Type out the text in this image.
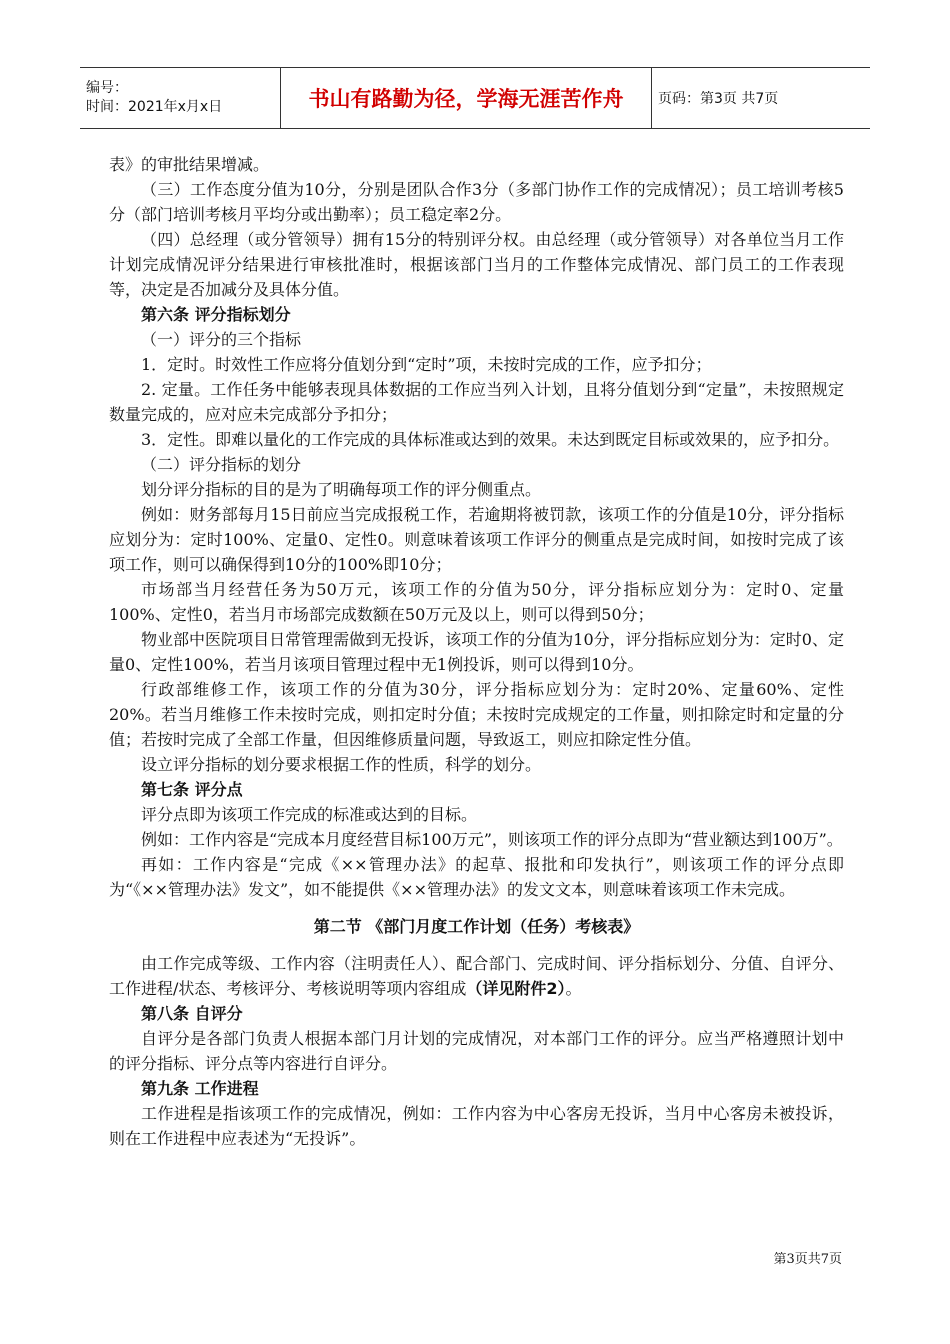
编号：
时间：2021年x月x日	书山有路勤为径，学海无涯苦作舟	页码：第3页 共7页

表》的审批结果增减。

（三）工作态度分值为10分，分别是团队合作3分（多部门协作工作的完成情况）；员工培训考核5分（部门培训考核月平均分或出勤率）；员工稳定率2分。

（四）总经理（或分管领导）拥有15分的特别评分权。由总经理（或分管领导）对各单位当月工作计划完成情况评分结果进行审核批准时，根据该部门当月的工作整体完成情况、部门员工的工作表现等，决定是否加减分及具体分值。

第六条 评分指标划分

（一）评分的三个指标

1．定时。时效性工作应将分值划分到“定时”项，未按时完成的工作，应予扣分；

2. 定量。工作任务中能够表现具体数据的工作应当列入计划，且将分值划分到“定量”，未按照规定数量完成的，应对应未完成部分予扣分；

3．定性。即难以量化的工作完成的具体标准或达到的效果。未达到既定目标或效果的，应予扣分。

（二）评分指标的划分

划分评分指标的目的是为了明确每项工作的评分侧重点。

例如：财务部每月15日前应当完成报税工作，若逾期将被罚款，该项工作的分值是10分，评分指标应划分为：定时100%、定量0、定性0。则意味着该项工作评分的侧重点是完成时间，如按时完成了该项工作，则可以确保得到10分的100%即10分；

市场部当月经营任务为50万元，该项工作的分值为50分，评分指标应划分为：定时0、定量100%、定性0，若当月市场部完成数额在50万元及以上，则可以得到50分；

物业部中医院项目日常管理需做到无投诉，该项工作的分值为10分，评分指标应划分为：定时0、定量0、定性100%，若当月该项目管理过程中无1例投诉，则可以得到10分。

行政部维修工作，该项工作的分值为30分，评分指标应划分为：定时20%、定量60%、定性20%。若当月维修工作未按时完成，则扣定时分值；未按时完成规定的工作量，则扣除定时和定量的分值；若按时完成了全部工作量，但因维修质量问题，导致返工，则应扣除定性分值。

设立评分指标的划分要求根据工作的性质，科学的划分。

第七条 评分点

评分点即为该项工作完成的标准或达到的目标。

例如：工作内容是“完成本月度经营目标100万元”，则该项工作的评分点即为“营业额达到100万”。

再如：工作内容是“完成《××管理办法》的起草、报批和印发执行”，则该项工作的评分点即为“《××管理办法》发文”，如不能提供《××管理办法》的发文文本，则意味着该项工作未完成。

第二节 《部门月度工作计划（任务）考核表》

由工作完成等级、工作内容（注明责任人）、配合部门、完成时间、评分指标划分、分值、自评分、工作进程/状态、考核评分、考核说明等项内容组成（详见附件2）。

第八条 自评分

自评分是各部门负责人根据本部门月计划的完成情况，对本部门工作的评分。应当严格遵照计划中的评分指标、评分点等内容进行自评分。

第九条 工作进程

工作进程是指该项工作的完成情况，例如：工作内容为中心客房无投诉，当月中心客房未被投诉，则在工作进程中应表述为“无投诉”。

第3页共7页
